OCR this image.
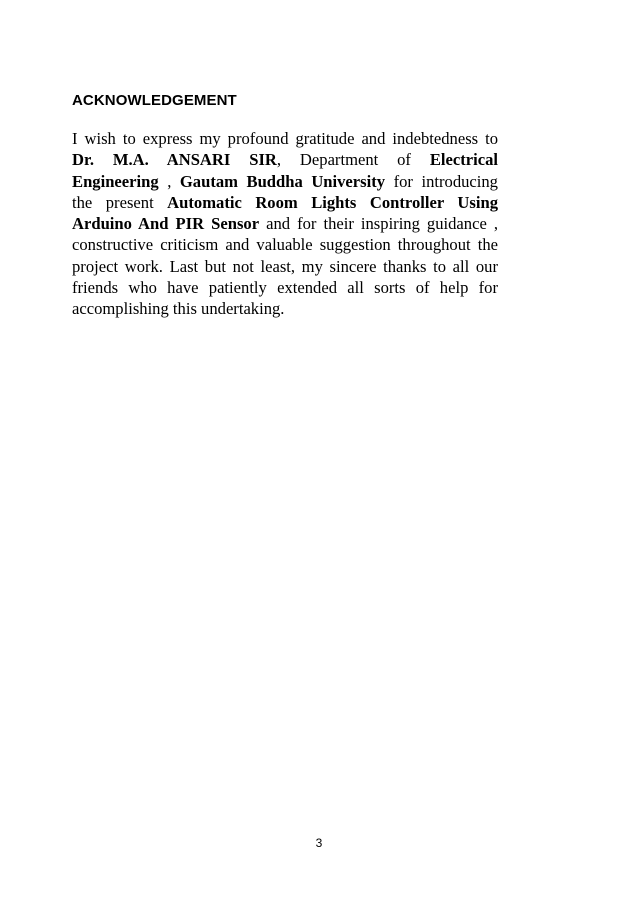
ACKNOWLEDGEMENT

I wish to express my profound gratitude and indebtedness to
Dr. M.A. ANSARI SIR, Department of Electrical
Engineering , Gautam Buddha University for introducing
the present Automatic Room Lights Controller Using
Arduino And PIR Sensor and for their inspiring guidance ,
constructive criticism and valuable suggestion throughout the
project work. Last but not least, my sincere thanks to all our
friends who have patiently extended all sorts of help for
accomplishing this undertaking.

3
